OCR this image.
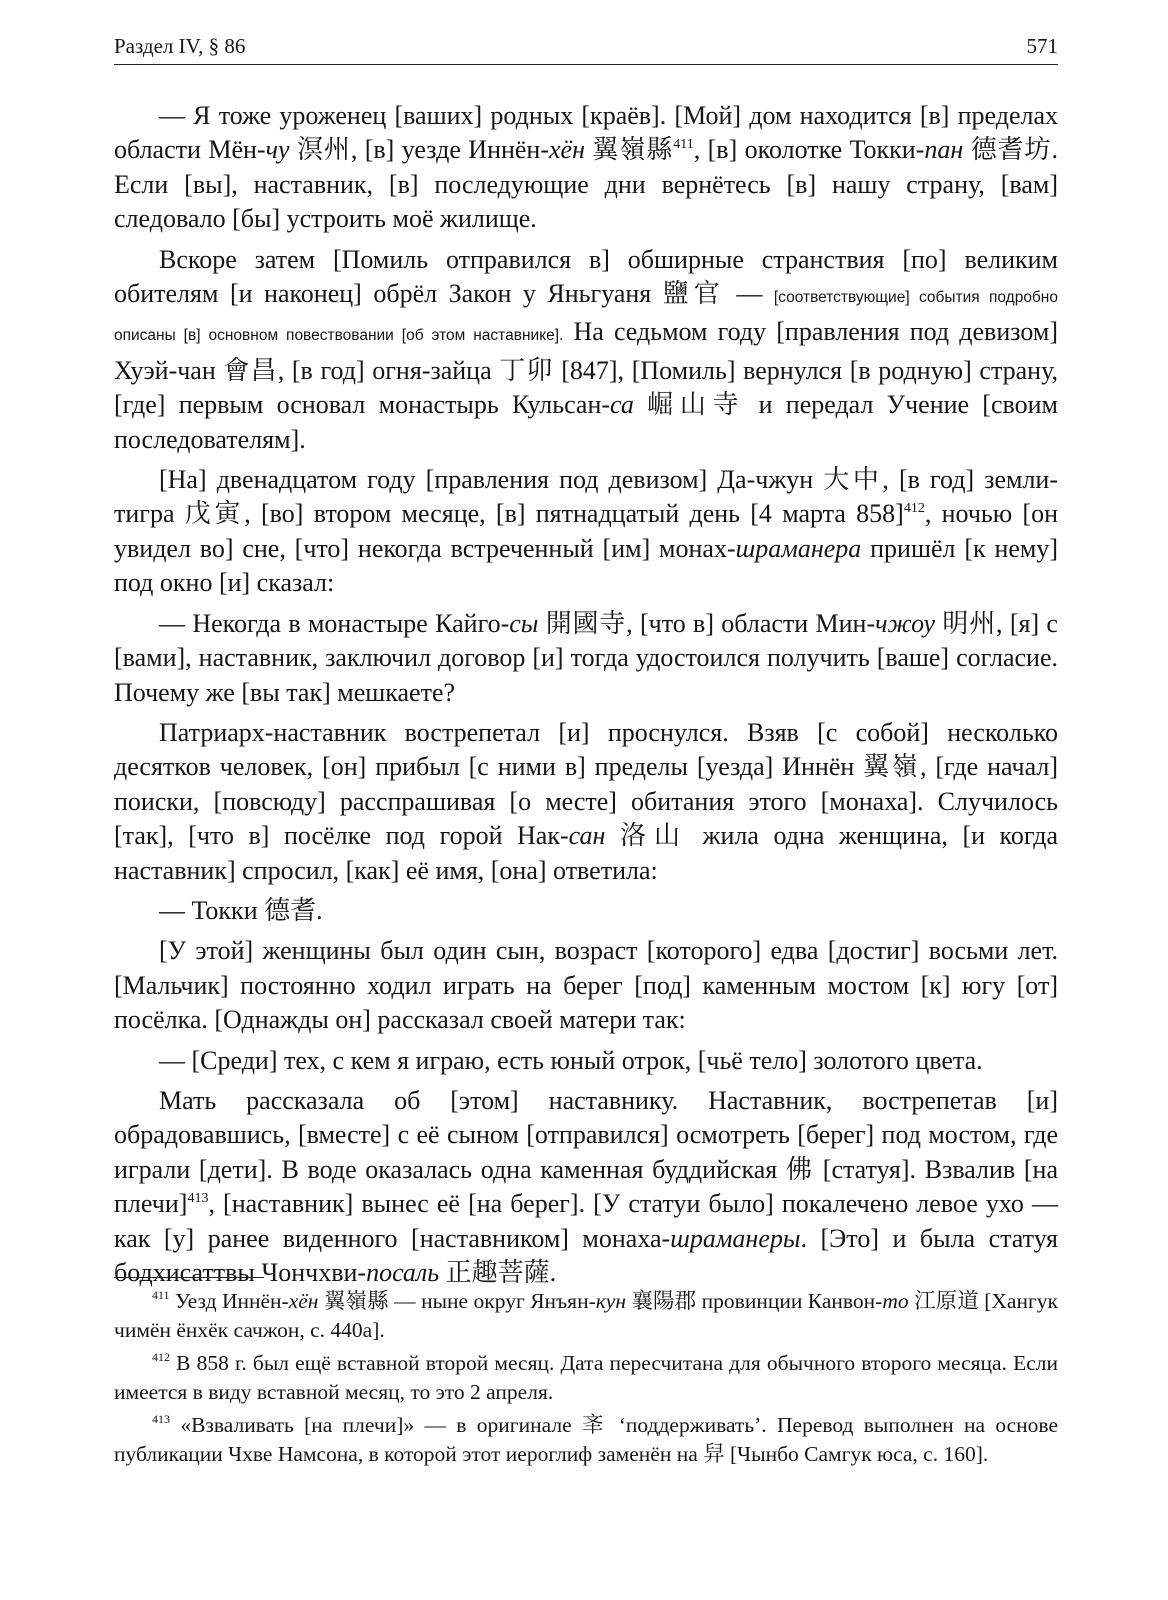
Раздел IV, § 86	571

— Я тоже уроженец [ваших] родных [краёв]. [Мой] дом находится [в] пределах области Мён-чу 溟州, [в] уезде Иннён-хён 翼嶺縣$^{411}$, [в] околотке Токки-пан 德耆坊. Если [вы], наставник, [в] последующие дни вернётесь [в] нашу страну, [вам] следовало [бы] устроить моё жилище.

Вскоре затем [Помиль отправился в] обширные странствия [по] великим обителям [и наконец] обрёл Закон у Яньгуаня 鹽官 — [соответствующие] события подробно описаны [в] основном повествовании [об этом наставнике]. На седьмом году [правления под девизом] Хуэй-чан 會昌, [в год] огня-зайца 丁卯 [847], [Помиль] вернулся [в родную] страну, [где] первым основал монастырь Кульсан-са 崛山寺 и передал Учение [своим последователям].

[На] двенадцатом году [правления под девизом] Да-чжун 大中, [в год] земли-тигра 戊寅, [во] втором месяце, [в] пятнадцатый день [4 марта 858]$^{412}$, ночью [он увидел во] сне, [что] некогда встреченный [им] монах-шраманера пришёл [к нему] под окно [и] сказал:

— Некогда в монастыре Кайго-сы 開國寺, [что в] области Мин-чжоу 明州, [я] с [вами], наставник, заключил договор [и] тогда удостоился получить [ваше] согласие. Почему же [вы так] мешкаете?

Патриарх-наставник вострепетал [и] проснулся. Взяв [с собой] несколько десятков человек, [он] прибыл [с ними в] пределы [уезда] Иннён 翼嶺, [где начал] поиски, [повсюду] расспрашивая [о месте] обитания этого [монаха]. Случилось [так], [что в] посёлке под горой Нак-сан 洛山 жила одна женщина, [и когда наставник] спросил, [как] её имя, [она] ответила:

— Токки 德耆.

[У этой] женщины был один сын, возраст [которого] едва [достиг] восьми лет. [Мальчик] постоянно ходил играть на берег [под] каменным мостом [к] югу [от] посёлка. [Однажды он] рассказал своей матери так:

— [Среди] тех, с кем я играю, есть юный отрок, [чьё тело] золотого цвета.

Мать рассказала об [этом] наставнику. Наставник, вострепетав [и] обрадовавшись, [вместе] с её сыном [отправился] осмотреть [берег] под мостом, где играли [дети]. В воде оказалась одна каменная буддийская 佛 [статуя]. Взвалив [на плечи]$^{413}$, [наставник] вынес её [на берег]. [У статуи было] покалечено левое ухо — как [у] ранее виденного [наставником] монаха-шраманеры. [Это] и была статуя бодхисаттвы Чончхви-посаль 正趣菩薩.

$^{411}$ Уезд Иннён-хён 翼嶺縣 — ныне округ Янъян-кун 襄陽郡 провинции Канвон-то 江原道 [Хангук чимён ёнхёк сачжон, с. 440а].

$^{412}$ В 858 г. был ещё вставной второй месяц. Дата пересчитана для обычного второго месяца. Если имеется в виду вставной месяц, то это 2 апреля.

$^{413}$ «Взваливать [на плечи]» — в оригинале 㪯 ‘поддерживать’. Перевод выполнен на основе публикации Чхве Намсона, в которой этот иероглиф заменён на 舁 [Чынбо Самгук юса, с. 160].
